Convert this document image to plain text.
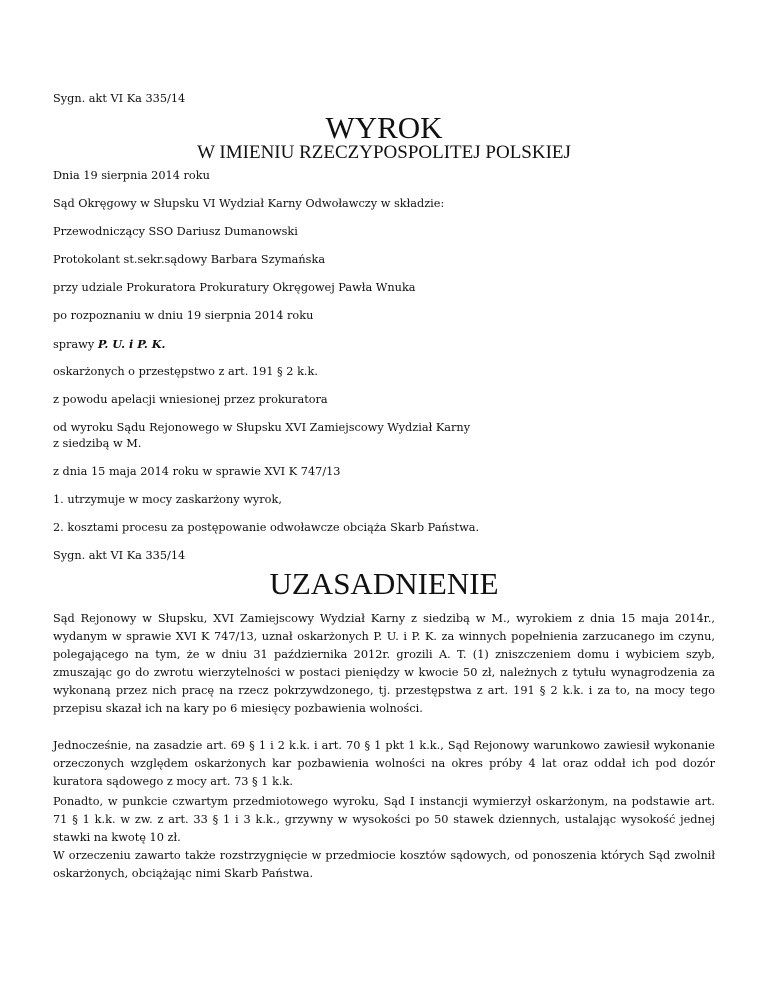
Sygn. akt VI Ka 335/14

WYROK
W IMIENIU RZECZYPOSPOLITEJ POLSKIEJ

Dnia 19 sierpnia 2014 roku

Sąd Okręgowy w Słupsku VI Wydział Karny Odwoławczy w składzie:

Przewodniczący SSO Dariusz Dumanowski

Protokolant st.sekr.sądowy Barbara Szymańska

przy udziale Prokuratora Prokuratury Okręgowej Pawła Wnuka

po rozpoznaniu w dniu 19 sierpnia 2014 roku

sprawy P. U. i P. K.

oskarżonych o przestępstwo z art. 191 § 2 k.k.

z powodu apelacji wniesionej przez prokuratora

od wyroku Sądu Rejonowego w Słupsku XVI Zamiejscowy Wydział Karny

z siedzibą w M.

z dnia 15 maja 2014 roku w sprawie XVI K 747/13

1. utrzymuje w mocy zaskarżony wyrok,

2. kosztami procesu za postępowanie odwoławcze obciąża Skarb Państwa.

Sygn. akt VI Ka 335/14

UZASADNIENIE

Sąd Rejonowy w Słupsku, XVI Zamiejscowy Wydział Karny z siedzibą w M., wyrokiem z dnia 15 maja 2014r., wydanym w sprawie XVI K 747/13, uznał oskarżonych P. U. i P. K. za winnych popełnienia zarzucanego im czynu, polegającego na tym, że w dniu 31 października 2012r. grozili A. T. (1) zniszczeniem domu i wybiciem szyb, zmuszając go do zwrotu wierzytelności w postaci pieniędzy w kwocie 50 zł, należnych z tytułu wynagrodzenia za wykonaną przez nich pracę na rzecz pokrzywdzonego, tj. przestępstwa z art. 191 § 2 k.k. i za to, na mocy tego przepisu skazał ich na kary po 6 miesięcy pozbawienia wolności.

Jednocześnie, na zasadzie art. 69 § 1 i 2 k.k. i art. 70 § 1 pkt 1 k.k., Sąd Rejonowy warunkowo zawiesił wykonanie orzeczonych względem oskarżonych kar pozbawienia wolności na okres próby 4 lat oraz oddał ich pod dozór kuratora sądowego z mocy art. 73 § 1 k.k.

Ponadto, w punkcie czwartym przedmiotowego wyroku, Sąd I instancji wymierzył oskarżonym, na podstawie art. 71 § 1 k.k. w zw. z art. 33 § 1 i 3 k.k., grzywny w wysokości po 50 stawek dziennych, ustalając wysokość jednej stawki na kwotę 10 zł.

W orzeczeniu zawarto także rozstrzygnięcie w przedmiocie kosztów sądowych, od ponoszenia których Sąd zwolnił oskarżonych, obciążając nimi Skarb Państwa.
